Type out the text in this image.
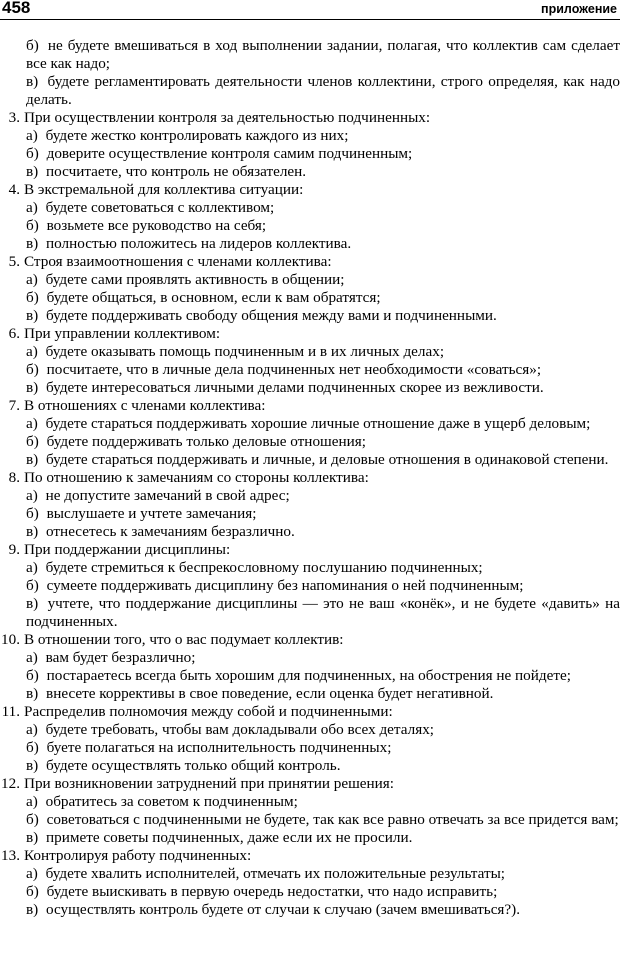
458	приложение
б) не будете вмешиваться в ход выполнении задании, полагая, что коллектив сам сделает все как надо;
в) будете регламентировать деятельности членов коллектини, строго определяя, как надо делать.
3. При осуществлении контроля за деятельностью подчиненных:
а) будете жестко контролировать каждого из них;
б) доверите осуществление контроля самим подчиненным;
в) посчитаете, что контроль не обязателен.
4. В экстремальной для коллектива ситуации:
а) будете советоваться с коллективом;
б) возьмете все руководство на себя;
в) полностью положитесь на лидеров коллектива.
5. Строя взаимоотношения с членами коллектива:
а) будете сами проявлять активность в общении;
б) будете общаться, в основном, если к вам обратятся;
в) будете поддерживать свободу общения между вами и подчиненными.
6. При управлении коллективом:
а) будете оказывать помощь подчиненным и в их личных делах;
б) посчитаете, что в личные дела подчиненных нет необходимости «соваться»;
в) будете интересоваться личными делами подчиненных скорее из вежливости.
7. В отношениях с членами коллектива:
а) будете стараться поддерживать хорошие личные отношение даже в ущерб деловым;
б) будете поддерживать только деловые отношения;
в) будете стараться поддерживать и личные, и деловые отношения в одинаковой степени.
8. По отношению к замечаниям со стороны коллектива:
а) не допустите замечаний в свой адрес;
б) выслушаете и учтете замечания;
в) отнесетесь к замечаниям безразлично.
9. При поддержании дисциплины:
а) будете стремиться к беспрекословному послушанию подчиненных;
б) сумеете поддерживать дисциплину без напоминания о ней подчиненным;
в) учтете, что поддержание дисциплины — это не ваш «конёк», и не будете «давить» на подчиненных.
10. В отношении того, что о вас подумает коллектив:
а) вам будет безразлично;
б) постараетесь всегда быть хорошим для подчиненных, на обострения не пойдете;
в) внесете коррективы в свое поведение, если оценка будет негативной.
11. Распределив полномочия между собой и подчиненными:
а) будете требовать, чтобы вам докладывали обо всех деталях;
б) буете полагаться на исполнительность подчиненных;
в) будете осуществлять только общий контроль.
12. При возникновении затруднений при принятии решения:
а) обратитесь за советом к подчиненным;
б) советоваться с подчиненными не будете, так как все равно отвечать за все придется вам;
в) примете советы подчиненных, даже если их не просили.
13. Контролируя работу подчиненных:
а) будете хвалить исполнителей, отмечать их положительные результаты;
б) будете выискивать в первую очередь недостатки, что надо исправить;
в) осуществлять контроль будете от случаи к случаю (зачем вмешиваться?).
